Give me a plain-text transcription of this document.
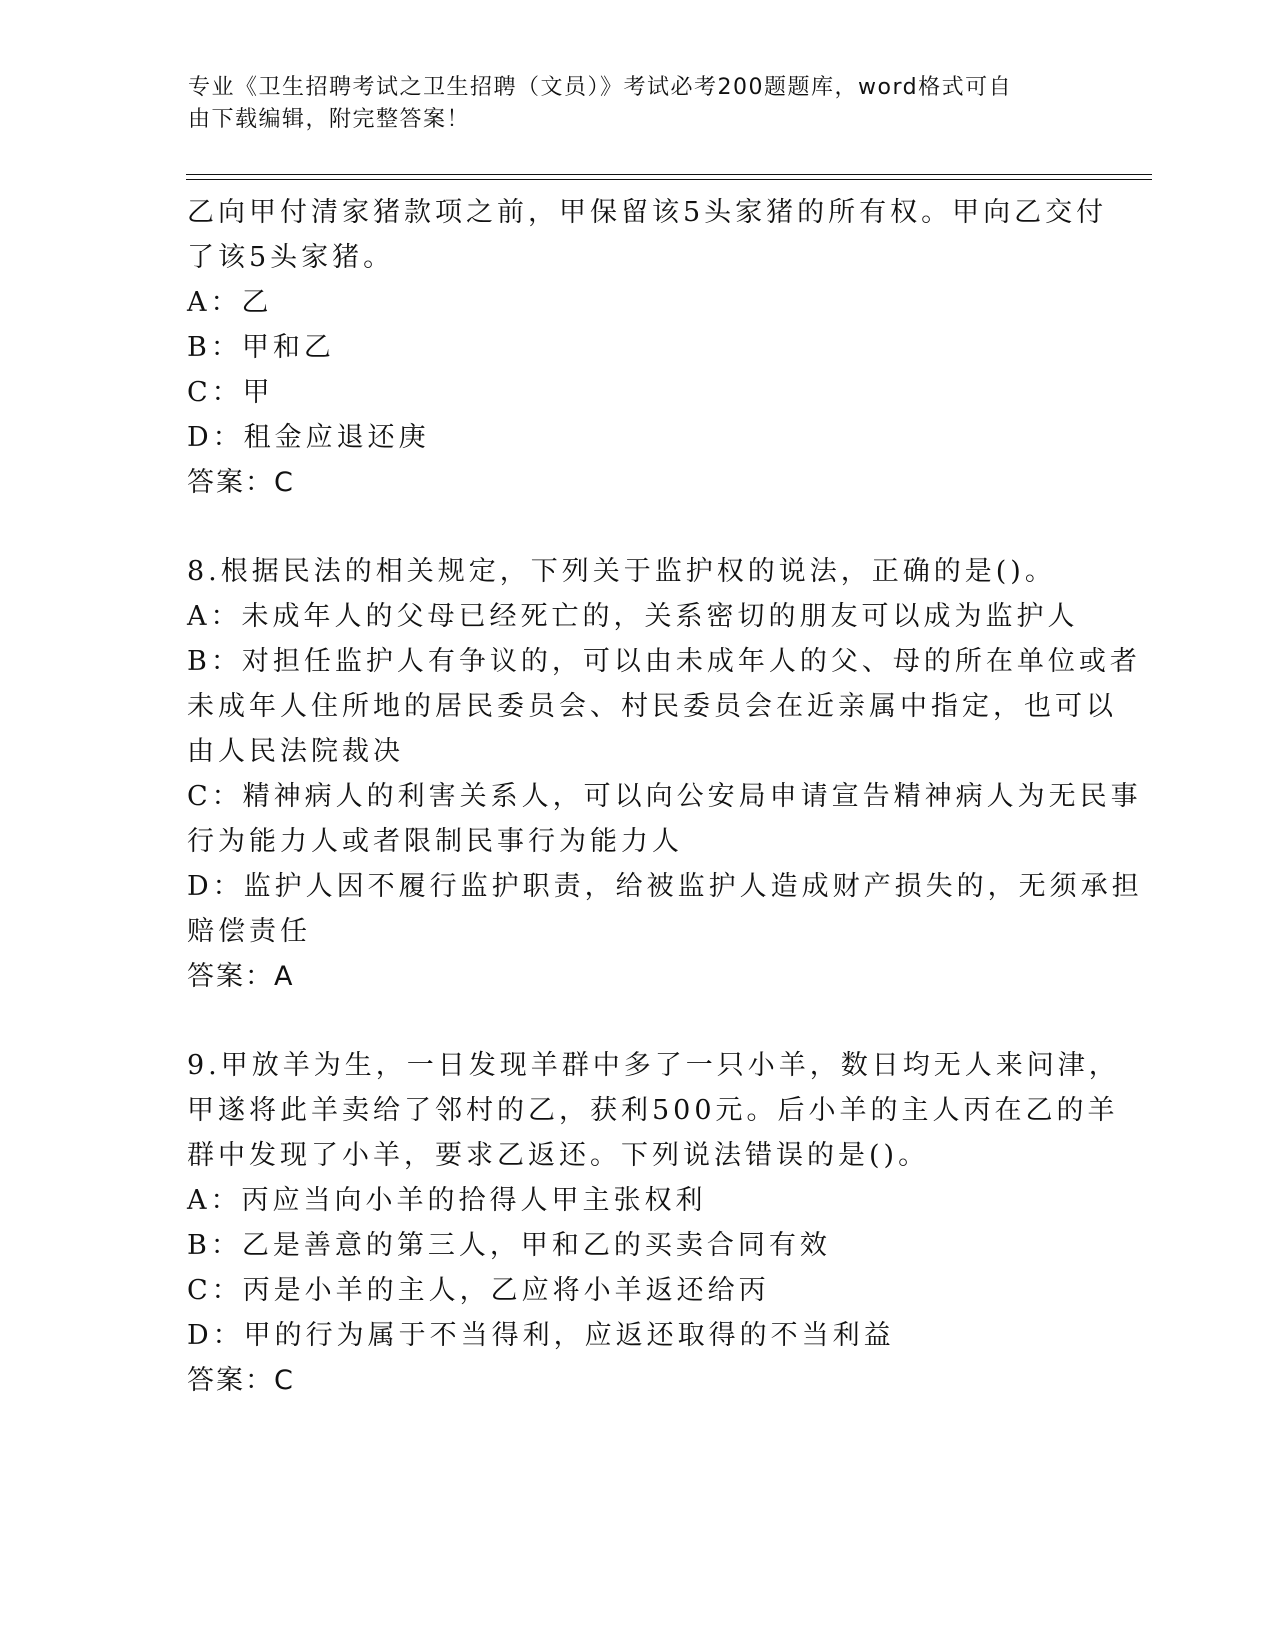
专业《卫生招聘考试之卫生招聘（文员）》考试必考200题题库，word格式可自
由下载编辑，附完整答案！

乙向甲付清家猪款项之前，甲保留该5头家猪的所有权。甲向乙交付
了该5头家猪。
A：乙
B：甲和乙
C：甲
D：租金应退还庚
答案：C
8.根据民法的相关规定，下列关于监护权的说法，正确的是()。
A：未成年人的父母已经死亡的，关系密切的朋友可以成为监护人
B：对担任监护人有争议的，可以由未成年人的父、母的所在单位或者
未成年人住所地的居民委员会、村民委员会在近亲属中指定，也可以
由人民法院裁决
C：精神病人的利害关系人，可以向公安局申请宣告精神病人为无民事
行为能力人或者限制民事行为能力人
D：监护人因不履行监护职责，给被监护人造成财产损失的，无须承担
赔偿责任
答案：A
9.甲放羊为生，一日发现羊群中多了一只小羊，数日均无人来问津，
甲遂将此羊卖给了邻村的乙，获利500元。后小羊的主人丙在乙的羊
群中发现了小羊，要求乙返还。下列说法错误的是()。
A：丙应当向小羊的拾得人甲主张权利
B：乙是善意的第三人，甲和乙的买卖合同有效
C：丙是小羊的主人，乙应将小羊返还给丙
D：甲的行为属于不当得利，应返还取得的不当利益
答案：C
